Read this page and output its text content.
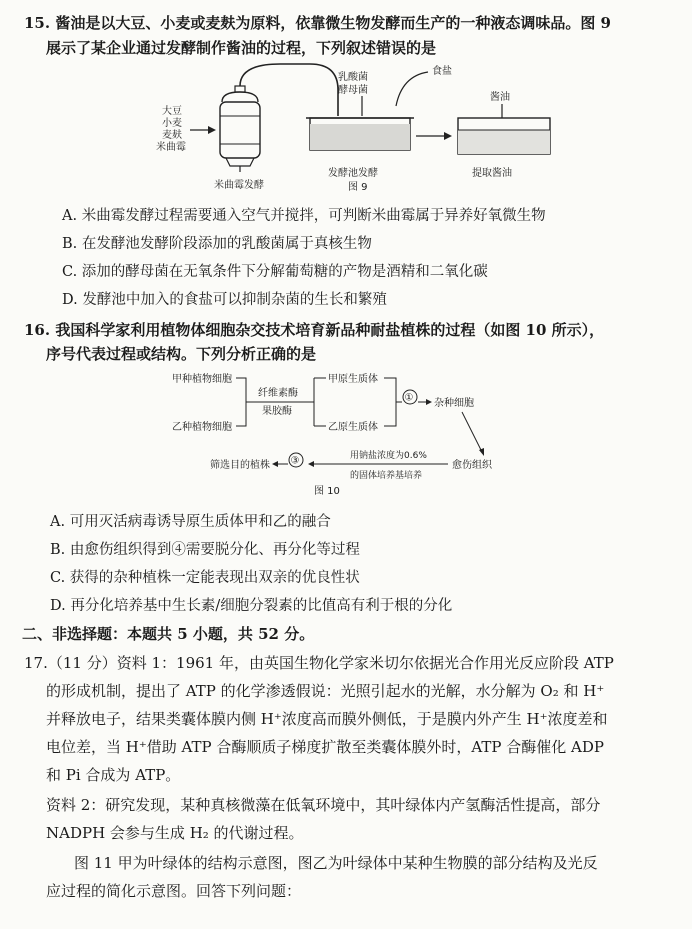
15. 酱油是以大豆、小麦或麦麸为原料，依靠微生物发酵而生产的一种液态调味品。图 9
展示了某企业通过发酵制作酱油的过程，下列叙述错误的是
大豆
小麦
麦麸
米曲霉
米曲霉发酵
乳酸菌
酵母菌
食盐
发酵池发酵
图 9
酱油
提取酱油
A. 米曲霉发酵过程需要通入空气并搅拌，可判断米曲霉属于异养好氧微生物
B. 在发酵池发酵阶段添加的乳酸菌属于真核生物
C. 添加的酵母菌在无氧条件下分解葡萄糖的产物是酒精和二氧化碳
D. 发酵池中加入的食盐可以抑制杂菌的生长和繁殖
16. 我国科学家利用植物体细胞杂交技术培育新品种耐盐植株的过程（如图 10 所示），
序号代表过程或结构。下列分析正确的是
甲种植物细胞
乙种植物细胞
纤维素酶
果胶酶
甲原生质体
乙原生质体
① 杂种细胞
愈伤组织
用钠盐浓度为0.6%
的固体培养基培养
③
筛选目的植株
图 10
A. 可用灭活病毒诱导原生质体甲和乙的融合
B. 由愈伤组织得到④需要脱分化、再分化等过程
C. 获得的杂种植株一定能表现出双亲的优良性状
D. 再分化培养基中生长素/细胞分裂素的比值高有利于根的分化
二、非选择题：本题共 5 小题，共 52 分。
17.（11 分）资料 1：1961 年，由英国生物化学家米切尔依据光合作用光反应阶段 ATP
的形成机制，提出了 ATP 的化学渗透假说：光照引起水的光解，水分解为 O₂ 和 H⁺
并释放电子，结果类囊体膜内侧 H⁺浓度高而膜外侧低，于是膜内外产生 H⁺浓度差和
电位差，当 H⁺借助 ATP 合酶顺质子梯度扩散至类囊体膜外时，ATP 合酶催化 ADP
和 Pi 合成为 ATP。
资料 2：研究发现，某种真核微藻在低氧环境中，其叶绿体内产氢酶活性提高，部分
NADPH 会参与生成 H₂ 的代谢过程。
图 11 甲为叶绿体的结构示意图，图乙为叶绿体中某种生物膜的部分结构及光反
应过程的简化示意图。回答下列问题：
